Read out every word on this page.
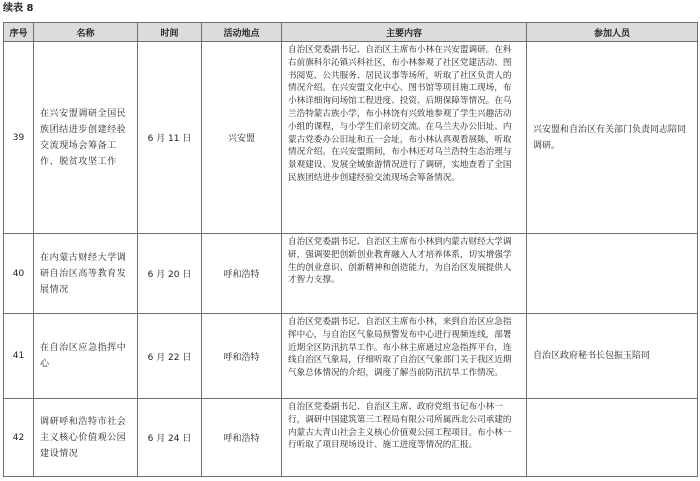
续表 8
序号	名称	时间	活动地点	主要内容	参加人员
39	在兴安盟调研全国民族团结进步创建经验交流现场会筹备工作、脱贫攻坚工作	6 月 11 日	兴安盟	自治区党委副书记、自治区主席布小林在兴安盟调研。在科右前旗科尔沁镇兴科社区，布小林参观了社区党建活动、图书阅览、公共服务、居民议事等场所，听取了社区负责人的情况介绍。在兴安盟文化中心、图书馆等项目施工现场，布小林详细询问场馆工程进度、投资、后期保障等情况。在乌兰浩特蒙古族小学，布小林饶有兴致地参观了学生兴趣活动小组的课程，与小学生们亲切交流。在乌兰夫办公旧址、内蒙古党委办公旧址和五一会址，布小林认真观看展陈，听取情况介绍。在兴安盟期间，布小林还对乌兰浩特生态治理与景观建设、发展全域旅游情况进行了调研，实地查看了全国民族团结进步创建经验交流现场会筹备情况。	兴安盟和自治区有关部门负责同志陪同调研。
40	在内蒙古财经大学调研自治区高等教育发展情况	6 月 20 日	呼和浩特	自治区党委副书记、自治区主席布小林到内蒙古财经大学调研，强调要把创新创业教育融入人才培养体系，切实增强学生的创业意识、创新精神和创造能力，为自治区发展提供人才智力支撑。	
41	在自治区应急指挥中心	6 月 22 日	呼和浩特	自治区党委副书记、自治区主席布小林，来到自治区应急指挥中心，与自治区气象局预警发布中心进行视频连线，部署近期全区防汛抗旱工作。布小林主席通过应急指挥平台，连线自治区气象局，仔细听取了自治区气象部门关于我区近期气象总体情况的介绍，调度了解当前防汛抗旱工作情况。	自治区政府秘书长包振玉陪同
42	调研呼和浩特市社会主义核心价值观公园建设情况	6 月 24 日	呼和浩特	自治区党委副书记、自治区主席、政府党组书记布小林一行，调研中国建筑第三工程局有限公司所属西北公司承建的内蒙古大青山社会主义核心价值观公园工程项目。布小林一行听取了项目现场设计、施工进度等情况的汇报。	
